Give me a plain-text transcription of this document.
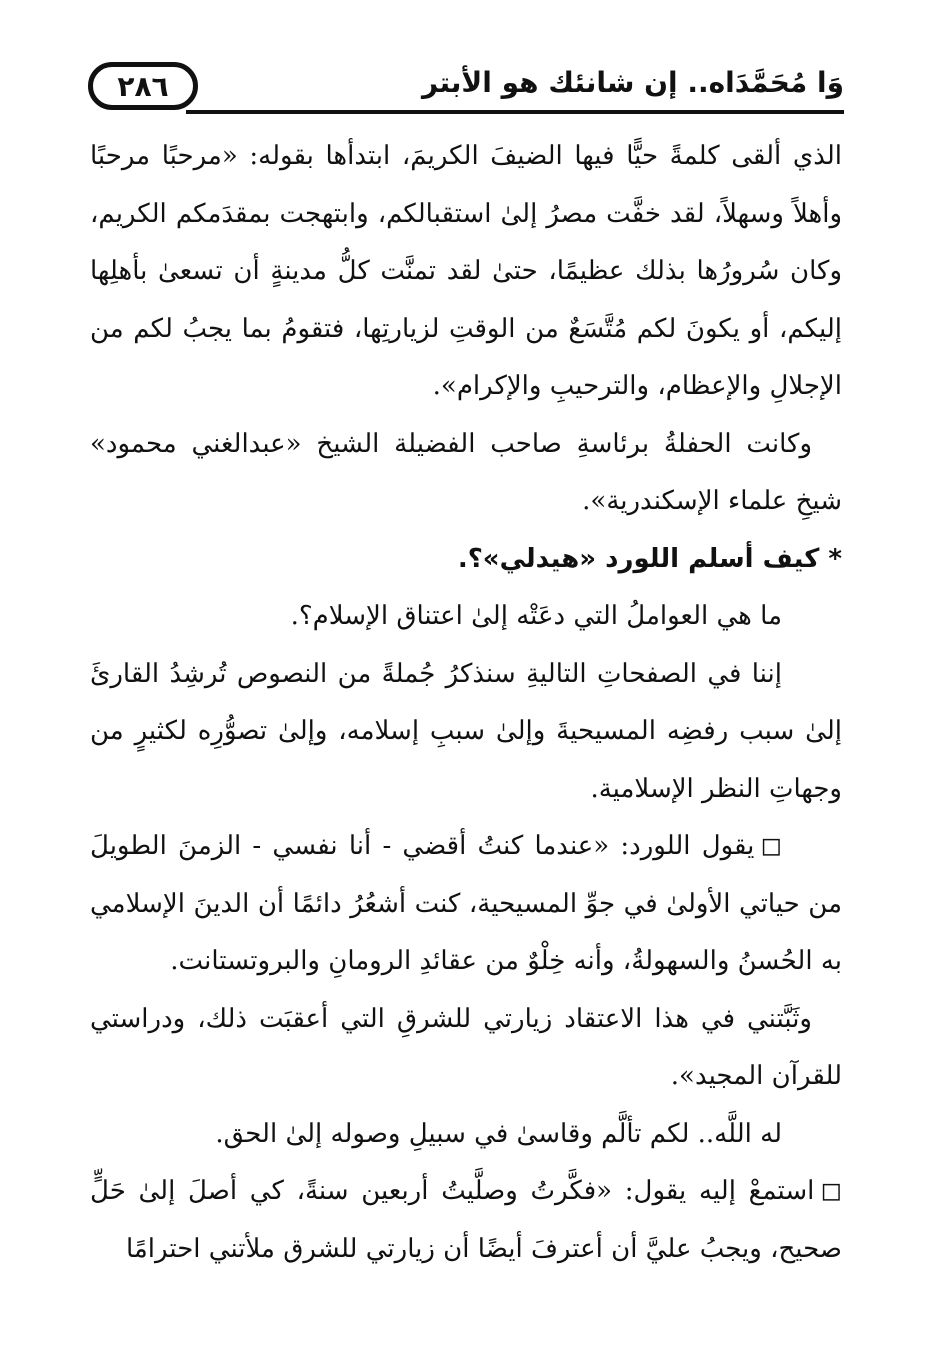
٢٨٦	وَا مُحَمَّدَاه.. إن شانئك هو الأبتر

الذي ألقى كلمةً حيًّا فيها الضيفَ الكريمَ، ابتدأها بقوله: «مرحبًا مرحبًا وأهلاً وسهلاً، لقد خفَّت مصرُ إلىٰ استقبالكم، وابتهجت بمقدَمكم الكريم، وكان سُرورُها بذلك عظيمًا، حتىٰ لقد تمنَّت كلُّ مدينةٍ أن تسعىٰ بأهلِها إليكم، أو يكونَ لكم مُتَّسَعٌ من الوقتِ لزيارتِها، فتقومُ بما يجبُ لكم من الإجلالِ والإعظام، والترحيبِ والإكرام».

وكانت الحفلةُ برئاسةِ صاحب الفضيلة الشيخ «عبدالغني محمود» شيخِ علماء الإسكندرية».

* كيف أسلم اللورد «هيدلي»؟.

ما هي العواملُ التي دعَتْه إلىٰ اعتناق الإسلام؟.

إننا في الصفحاتِ التاليةِ سنذكرُ جُملةً من النصوص تُرشِدُ القارئَ إلىٰ سبب رفضِه المسيحيةَ وإلىٰ سببِ إسلامه، وإلىٰ تصوُّرِه لكثيرٍ من وجهاتِ النظر الإسلامية.

◻يقول اللورد: «عندما كنتُ أقضي - أنا نفسي - الزمنَ الطويلَ من حياتي الأولىٰ في جوِّ المسيحية، كنت أشعُرُ دائمًا أن الدينَ الإسلامي به الحُسنُ والسهولةُ، وأنه خِلْوٌ من عقائدِ الرومانِ والبروتستانت.

وثَبَّتني في هذا الاعتقاد زيارتي للشرقِ التي أعقبَت ذلك، ودراستي للقرآن المجيد».

له اللَّه.. لكم تألَّم وقاسىٰ في سبيلِ وصوله إلىٰ الحق.

◻استمعْ إليه يقول: «فكَّرتُ وصلَّيتُ أربعين سنةً، كي أصلَ إلىٰ حَلٍّ صحيح، ويجبُ عليَّ أن أعترفَ أيضًا أن زيارتي للشرق ملأتني احترامًا
